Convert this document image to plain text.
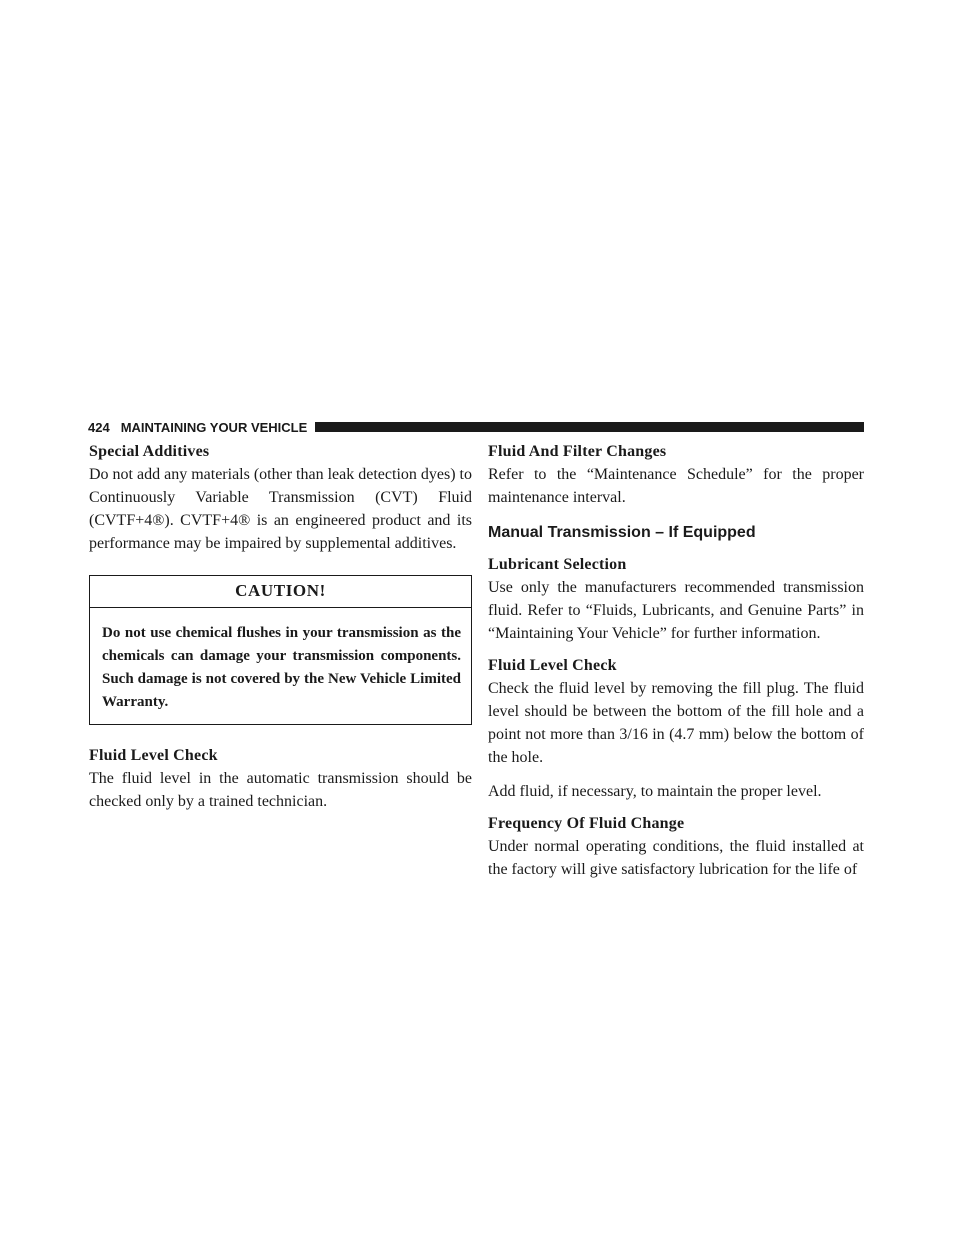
424 MAINTAINING YOUR VEHICLE
Special Additives

Do not add any materials (other than leak detection dyes) to Continuously Variable Transmission (CVT) Fluid (CVTF+4®). CVTF+4® is an engineered product and its performance may be impaired by supplemental additives.

CAUTION!
Do not use chemical flushes in your transmission as the chemicals can damage your transmission components. Such damage is not covered by the New Vehicle Limited Warranty.
Fluid Level Check

The fluid level in the automatic transmission should be checked only by a trained technician.

Fluid And Filter Changes

Refer to the “Maintenance Schedule” for the proper maintenance interval.

Manual Transmission – If Equipped
Lubricant Selection

Use only the manufacturers recommended transmission fluid. Refer to “Fluids, Lubricants, and Genuine Parts” in “Maintaining Your Vehicle” for further information.

Fluid Level Check

Check the fluid level by removing the fill plug. The fluid level should be between the bottom of the fill hole and a point not more than 3/16 in (4.7 mm) below the bottom of the hole.

Add fluid, if necessary, to maintain the proper level.

Frequency Of Fluid Change

Under normal operating conditions, the fluid installed at the factory will give satisfactory lubrication for the life of
